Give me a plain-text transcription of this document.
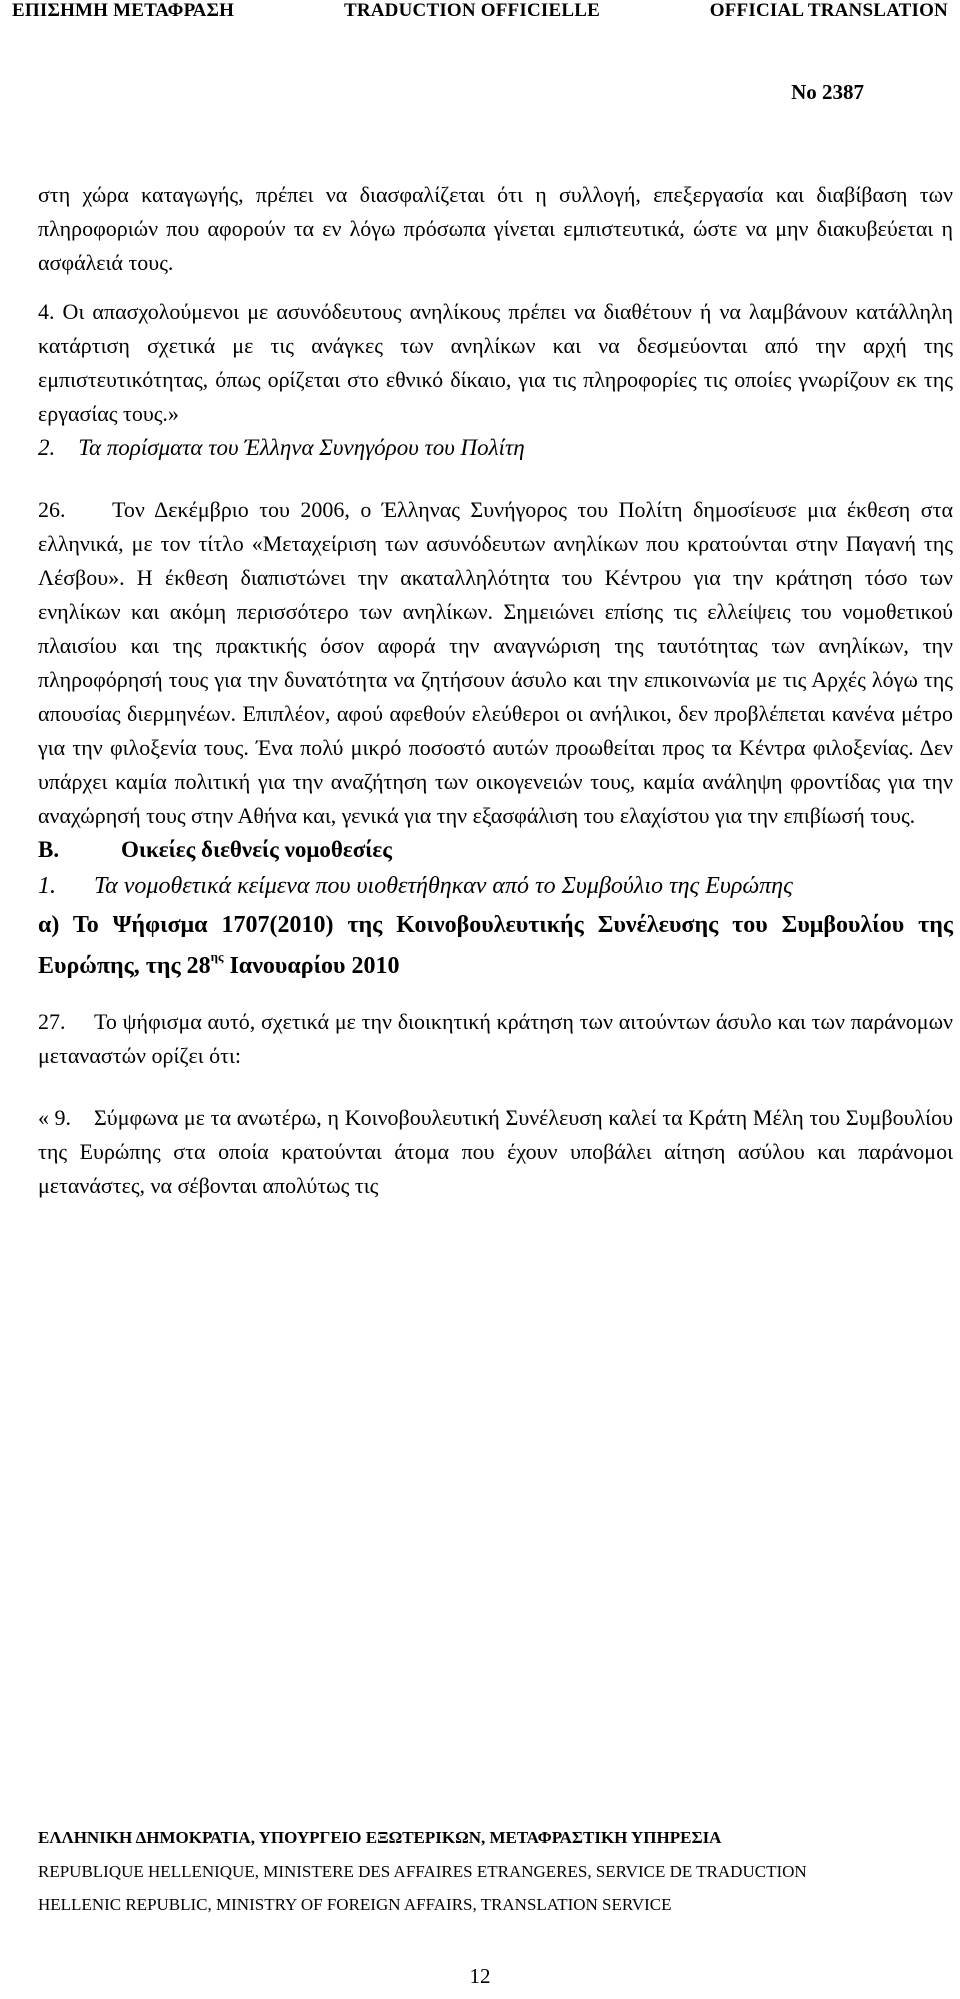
ΕΠΙΣΗΜΗ ΜΕΤΑΦΡΑΣΗ	TRADUCTION OFFICIELLE	OFFICIAL TRANSLATION
No 2387

στη χώρα καταγωγής, πρέπει να διασφαλίζεται ότι η συλλογή, επεξεργασία και διαβίβαση των πληροφοριών που αφορούν τα εν λόγω πρόσωπα γίνεται εμπιστευτικά, ώστε να μην διακυβεύεται η ασφάλειά τους.

4. Οι απασχολούμενοι με ασυνόδευτους ανηλίκους πρέπει να διαθέτουν ή να λαμβάνουν κατάλληλη κατάρτιση σχετικά με τις ανάγκες των ανηλίκων και να δεσμεύονται από την αρχή της εμπιστευτικότητας, όπως ορίζεται στο εθνικό δίκαιο, για τις πληροφορίες τις οποίες γνωρίζουν εκ της εργασίας τους.»

2.    Τα πορίσματα του Έλληνα Συνηγόρου του Πολίτη

26. Τον Δεκέμβριο του 2006, ο Έλληνας Συνήγορος του Πολίτη δημοσίευσε μια έκθεση στα ελληνικά, με τον τίτλο «Μεταχείριση των ασυνόδευτων ανηλίκων που κρατούνται στην Παγανή της Λέσβου». Η έκθεση διαπιστώνει την ακαταλληλότητα του Κέντρου για την κράτηση τόσο των ενηλίκων και ακόμη περισσότερο των ανηλίκων. Σημειώνει επίσης τις ελλείψεις του νομοθετικού πλαισίου και της πρακτικής όσον αφορά την αναγνώριση της ταυτότητας των ανηλίκων, την πληροφόρησή τους για την δυνατότητα να ζητήσουν άσυλο και την επικοινωνία με τις Αρχές λόγω της απουσίας διερμηνέων. Επιπλέον, αφού αφεθούν ελεύθεροι οι ανήλικοι, δεν προβλέπεται κανένα μέτρο για την φιλοξενία τους. Ένα πολύ μικρό ποσοστό αυτών προωθείται προς τα Κέντρα φιλοξενίας. Δεν υπάρχει καμία πολιτική για την αναζήτηση των οικογενειών τους, καμία ανάληψη φροντίδας για την αναχώρησή τους στην Αθήνα και, γενικά για την εξασφάλιση του ελαχίστου για την επιβίωσή τους.

B.	Οικείες διεθνείς νομοθεσίες

1. Τα νομοθετικά κείμενα που υιοθετήθηκαν από το Συμβούλιο της Ευρώπης

α) Το Ψήφισμα 1707(2010) της Κοινοβουλευτικής Συνέλευσης του Συμβουλίου της Ευρώπης, της $28^{\eta\varsigma}$ Ιανουαρίου 2010

27. Το ψήφισμα αυτό, σχετικά με την διοικητική κράτηση των αιτούντων άσυλο και των παράνομων μεταναστών ορίζει ότι:

« 9. Σύμφωνα με τα ανωτέρω, η Κοινοβουλευτική Συνέλευση καλεί τα Κράτη Μέλη του Συμβουλίου της Ευρώπης στα οποία κρατούνται άτομα που έχουν υποβάλει αίτηση ασύλου και παράνομοι μετανάστες, να σέβονται απολύτως τις

ΕΛΛΗΝΙΚΗ ΔΗΜΟΚΡΑΤΙΑ, ΥΠΟΥΡΓΕΙΟ ΕΞΩΤΕΡΙΚΩΝ, ΜΕΤΑΦΡΑΣΤΙΚΗ ΥΠΗΡΕΣΙΑ
REPUBLIQUE HELLENIQUE, MINISTERE DES AFFAIRES ETRANGERES, SERVICE DE TRADUCTION
HELLENIC REPUBLIC, MINISTRY OF FOREIGN AFFAIRS, TRANSLATION SERVICE
12
